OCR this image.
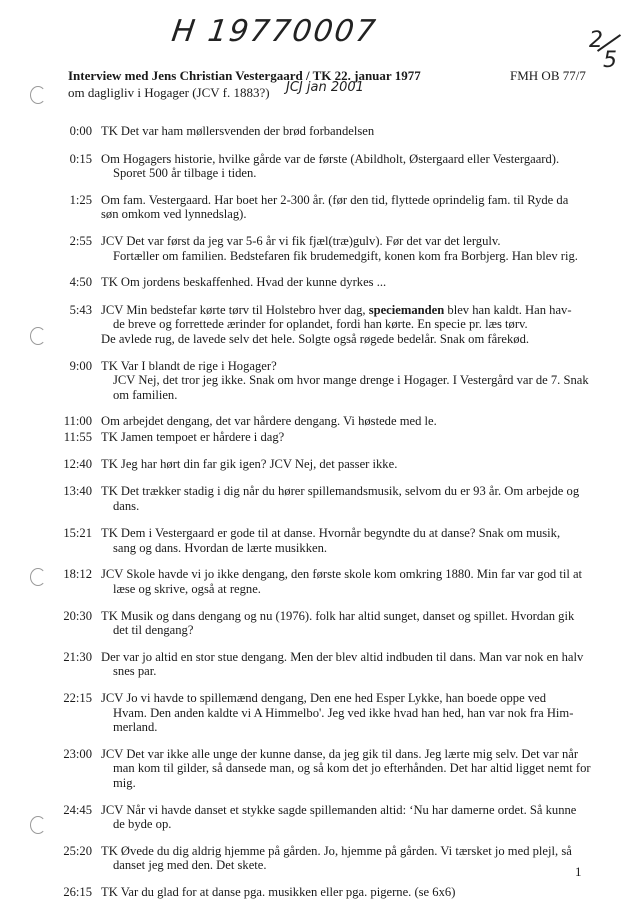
H 19770007	2
5
JCJ jan 2001
Interview med Jens Christian Vestergaard / TK 22. januar 1977	FMH OB 77/7
om dagligliv i Hogager (JCV f. 1883?)
0:00 TK Det var ham møllersvenden der brød forbandelsen
0:15 Om Hogagers historie, hvilke gårde var de første (Abildholt, Østergaard eller Vestergaard).
Sporet 500 år tilbage i tiden.
1:25 Om fam. Vestergaard. Har boet her 2-300 år. (før den tid, flyttede oprindelig fam. til Ryde da
søn omkom ved lynnedslag).
2:55 JCV Det var først da jeg var 5-6 år vi fik fjæl(træ)gulv). Før det var det lergulv.
Fortæller om familien. Bedstefaren fik brudemedgift, konen kom fra Borbjerg. Han blev rig.
4:50 TK Om jordens beskaffenhed. Hvad der kunne dyrkes ...
5:43 JCV Min bedstefar kørte tørv til Holstebro hver dag, speciemanden blev han kaldt. Han hav-
de breve og forrettede ærinder for oplandet, fordi han kørte. En specie pr. læs tørv.
De avlede rug, de lavede selv det hele. Solgte også røgede bedelår. Snak om fårekød.
9:00 TK Var I blandt de rige i Hogager?
JCV Nej, det tror jeg ikke. Snak om hvor mange drenge i Hogager. I Vestergård var de 7. Snak
om familien.
11:00 Om arbejdet dengang, det var hårdere dengang. Vi høstede med le.
11:55 TK Jamen tempoet er hårdere i dag?
12:40 TK Jeg har hørt din far gik igen? JCV Nej, det passer ikke.
13:40 TK Det trækker stadig i dig når du hører spillemandsmusik, selvom du er 93 år. Om arbejde og
dans.
15:21 TK Dem i Vestergaard er gode til at danse. Hvornår begyndte du at danse? Snak om musik,
sang og dans. Hvordan de lærte musikken.
18:12 JCV Skole havde vi jo ikke dengang, den første skole kom omkring 1880. Min far var god til at
læse og skrive, også at regne.
20:30 TK Musik og dans dengang og nu (1976). folk har altid sunget, danset og spillet. Hvordan gik
det til dengang?
21:30 Der var jo altid en stor stue dengang. Men der blev altid indbuden til dans. Man var nok en halv
snes par.
22:15 JCV Jo vi havde to spillemænd dengang, Den ene hed Esper Lykke, han boede oppe ved
Hvam. Den anden kaldte vi A Himmelbo'. Jeg ved ikke hvad han hed, han var nok fra Him-
merland.
23:00 JCV Det var ikke alle unge der kunne danse, da jeg gik til dans. Jeg lærte mig selv. Det var når
man kom til gilder, så dansede man, og så kom det jo efterhånden. Det har altid ligget nemt for
mig.
24:45 JCV Når vi havde danset et stykke sagde spillemanden altid: ‘Nu har damerne ordet. Så kunne
de byde op.
25:20 TK Øvede du dig aldrig hjemme på gården. Jo, hjemme på gården. Vi tærsket jo med plejl, så
danset jeg med den. Det skete.
26:15 TK Var du glad for at danse pga. musikken eller pga. pigerne. (se 6x6)
1
